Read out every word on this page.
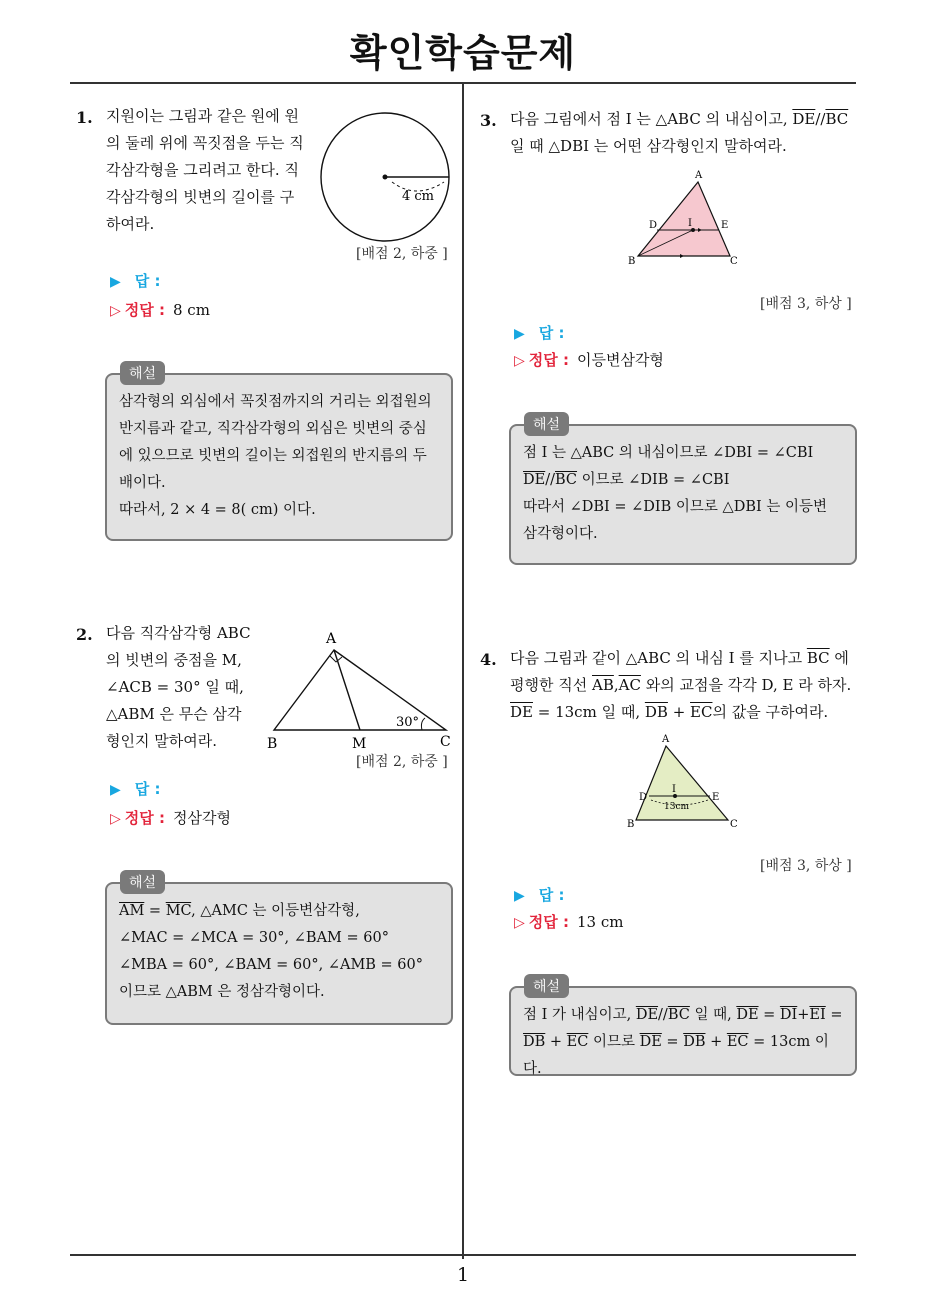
확인학습문제
1
1. 지원이는 그림과 같은 원에 원
의 둘레 위에 꼭짓점을 두는 직
각삼각형을 그리려고 한다. 직
각삼각형의 빗변의 길이를 구
하여라.
4 cm
[배점 2, 하중 ]
▶ 답 :
▷ 정답 : 8 cm
삼각형의 외심에서 꼭짓점까지의 거리는 외접원의
반지름과 같고, 직각삼각형의 외심은 빗변의 중심
에 있으므로 빗변의 길이는 외접원의 반지름의 두
배이다.
따라서, 2 × 4 = 8( cm) 이다.
해설
2. 다음 직각삼각형 ABC
의 빗변의 중점을 M,
∠ACB = 30° 일 때,
△ABM 은 무슨 삼각
형인지 말하여라.
A
B	M	C
30°
[배점 2, 하중 ]
▶ 답 :
▷ 정답 : 정삼각형
$\overline{AM} = \overline{MC}$, △AMC 는 이등변삼각형,
∠MAC = ∠MCA = 30°, ∠BAM = 60°
∠MBA = 60°, ∠BAM = 60°, ∠AMB = 60°
이므로 △ABM 은 정삼각형이다.
해설
3. 다음 그림에서 점 I 는 △ABC 의 내심이고, $\overline{DE}//\overline{BC}$
일 때 △DBI 는 어떤 삼각형인지 말하여라.
A
B	C
D	E
I
[배점 3, 하상 ]
▶ 답 :
▷ 정답 : 이등변삼각형
점 I 는 △ABC 의 내심이므로 ∠DBI = ∠CBI
$\overline{DE}//\overline{BC}$ 이므로 ∠DIB = ∠CBI
따라서 ∠DBI = ∠DIB 이므로 △DBI 는 이등변
삼각형이다.
해설
4. 다음 그림과 같이 △ABC 의 내심 I 를 지나고 $\overline{BC}$ 에
평행한 직선 $\overline{AB},\overline{AC}$ 와의 교점을 각각 D, E 라 하자.
$\overline{DE} = 13cm$ 일 때, $\overline{DB} + \overline{EC}$의 값을 구하여라.
A
B	C
D	E
I
13cm
[배점 3, 하상 ]
▶ 답 :
▷ 정답 : 13 cm
점 I 가 내심이고, $\overline{DE}//\overline{BC}$ 일 때, $\overline{DE} = \overline{DI}+\overline{EI}$ =
$\overline{DB} + \overline{EC}$ 이므로 $\overline{DE} = \overline{DB} + \overline{EC} = 13cm$ 이다.
해설
